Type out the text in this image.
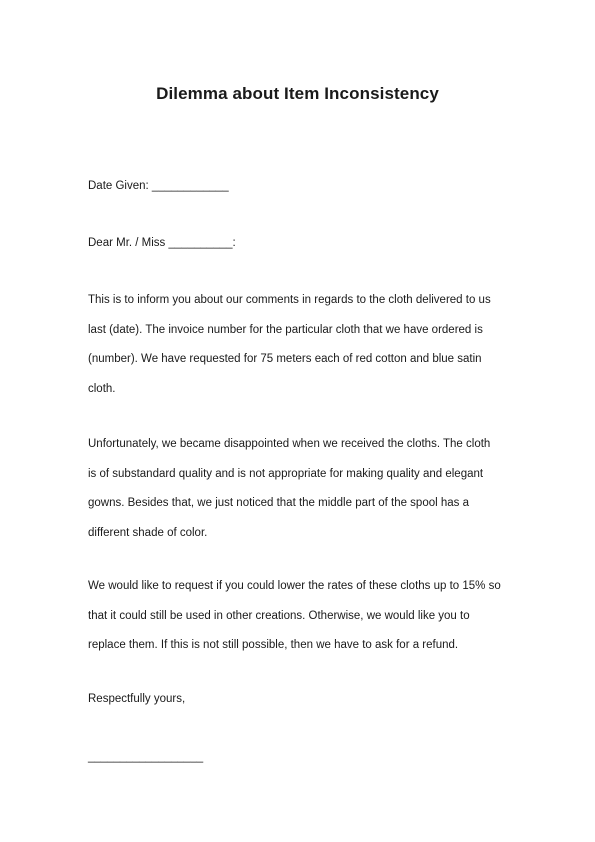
Dilemma about Item Inconsistency
Date Given: ____________
Dear Mr. / Miss __________:
This is to inform you about our comments in regards to the cloth delivered to us
last (date). The invoice number for the particular cloth that we have ordered is
(number). We have requested for 75 meters each of red cotton and blue satin
cloth.
Unfortunately, we became disappointed when we received the cloths. The cloth
is of substandard quality and is not appropriate for making quality and elegant
gowns. Besides that, we just noticed that the middle part of the spool has a
different shade of color.
We would like to request if you could lower the rates of these cloths up to 15% so
that it could still be used in other creations. Otherwise, we would like you to
replace them. If this is not still possible, then we have to ask for a refund.
Respectfully yours,
__________________
